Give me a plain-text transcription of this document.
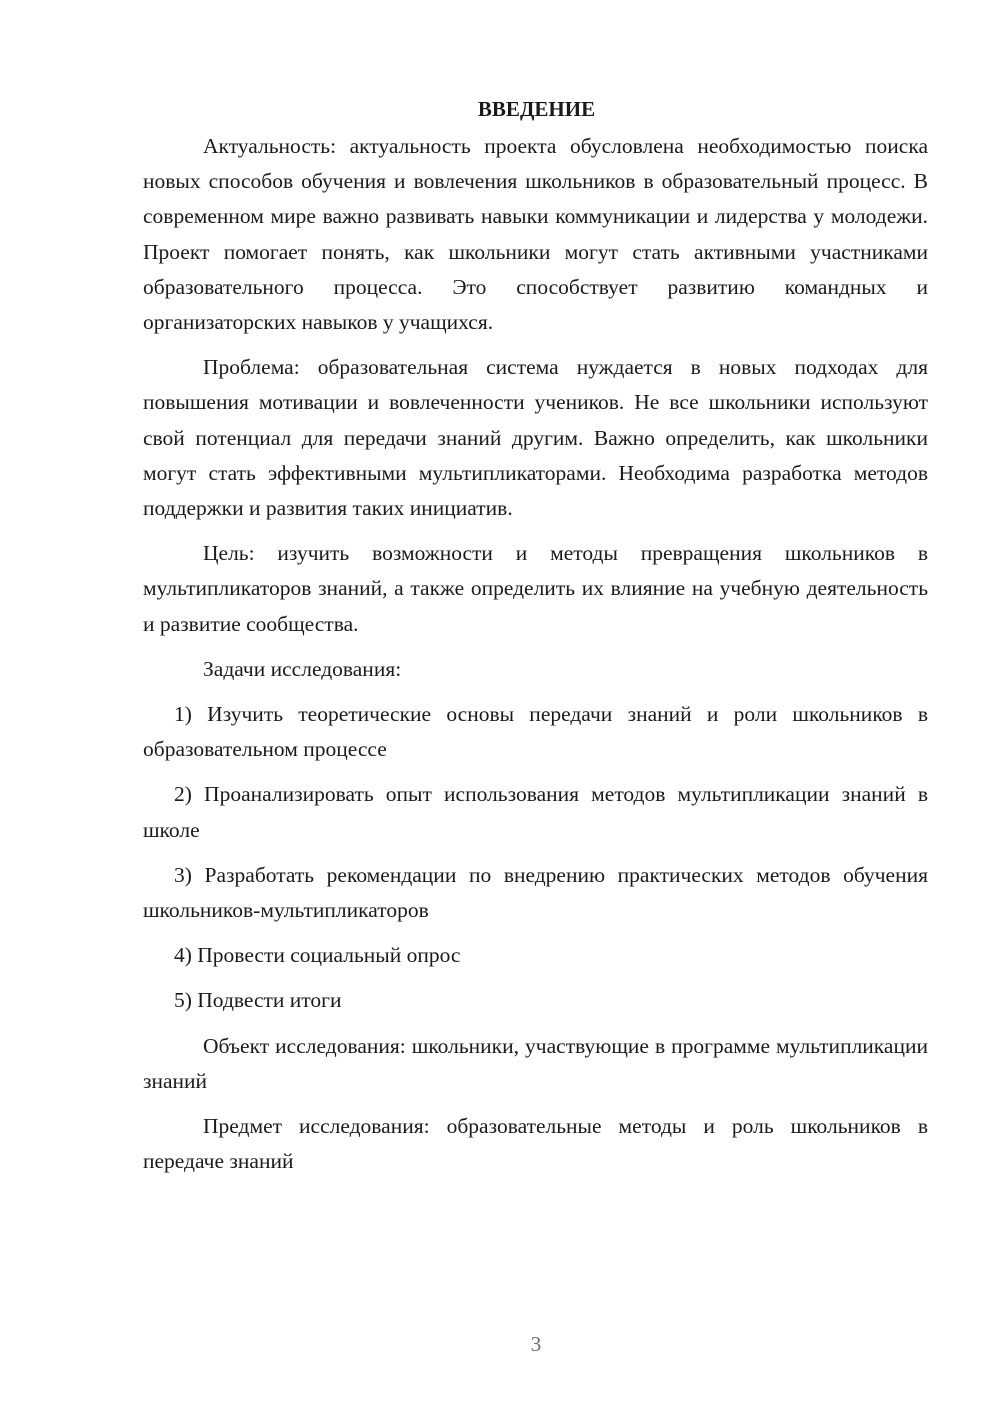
ВВЕДЕНИЕ

Актуальность: актуальность проекта обусловлена необходимостью поиска новых способов обучения и вовлечения школьников в образовательный процесс. В современном мире важно развивать навыки коммуникации и лидерства у молодежи. Проект помогает понять, как школьники могут стать активными участниками образовательного процесса. Это способствует развитию командных и организаторских навыков у учащихся.

Проблема: образовательная система нуждается в новых подходах для повышения мотивации и вовлеченности учеников. Не все школьники используют свой потенциал для передачи знаний другим. Важно определить, как школьники могут стать эффективными мультипликаторами. Необходима разработка методов поддержки и развития таких инициатив.

Цель: изучить возможности и методы превращения школьников в мультипликаторов знаний, а также определить их влияние на учебную деятельность и развитие сообщества.

Задачи исследования:

1) Изучить теоретические основы передачи знаний и роли школьников в образовательном процессе

2) Проанализировать опыт использования методов мультипликации знаний в школе

3) Разработать рекомендации по внедрению практических методов обучения школьников-мультипликаторов

4) Провести социальный опрос

5) Подвести итоги

Объект исследования: школьники, участвующие в программе мультипликации знаний

Предмет исследования: образовательные методы и роль школьников в передаче знаний

3
